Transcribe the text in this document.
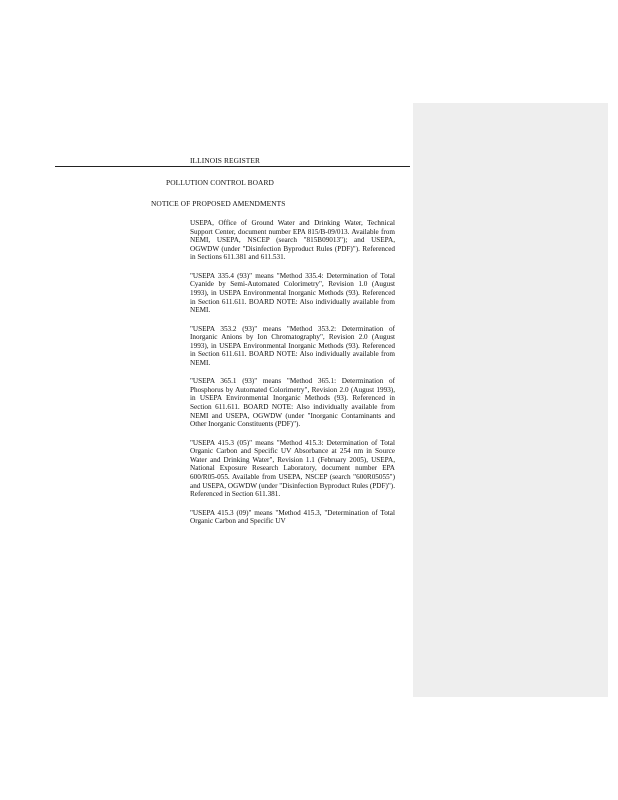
ILLINOIS REGISTER
POLLUTION CONTROL BOARD
NOTICE OF PROPOSED AMENDMENTS

USEPA, Office of Ground Water and Drinking Water, Technical Support Center, document number EPA 815/B-09/013. Available from NEMI, USEPA, NSCEP (search "815B09013"); and USEPA, OGWDW (under "Disinfection Byproduct Rules (PDF)"). Referenced in Sections 611.381 and 611.531.

"USEPA 335.4 (93)" means "Method 335.4: Determination of Total Cyanide by Semi-Automated Colorimetry", Revision 1.0 (August 1993), in USEPA Environmental Inorganic Methods (93). Referenced in Section 611.611. BOARD NOTE: Also individually available from NEMI.

"USEPA 353.2 (93)" means "Method 353.2: Determination of Inorganic Anions by Ion Chromatography", Revision 2.0 (August 1993), in USEPA Environmental Inorganic Methods (93). Referenced in Section 611.611. BOARD NOTE: Also individually available from NEMI.

"USEPA 365.1 (93)" means "Method 365.1: Determination of Phosphorus by Automated Colorimetry", Revision 2.0 (August 1993), in USEPA Environmental Inorganic Methods (93). Referenced in Section 611.611. BOARD NOTE: Also individually available from NEMI and USEPA, OGWDW (under "Inorganic Contaminants and Other Inorganic Constituents (PDF)").

"USEPA 415.3 (05)" means "Method 415.3: Determination of Total Organic Carbon and Specific UV Absorbance at 254 nm in Source Water and Drinking Water", Revision 1.1 (February 2005), USEPA, National Exposure Research Laboratory, document number EPA 600/R05-055. Available from USEPA, NSCEP (search "600R05055") and USEPA, OGWDW (under "Disinfection Byproduct Rules (PDF)"). Referenced in Section 611.381.

"USEPA 415.3 (09)" means "Method 415.3, "Determination of Total Organic Carbon and Specific UV
